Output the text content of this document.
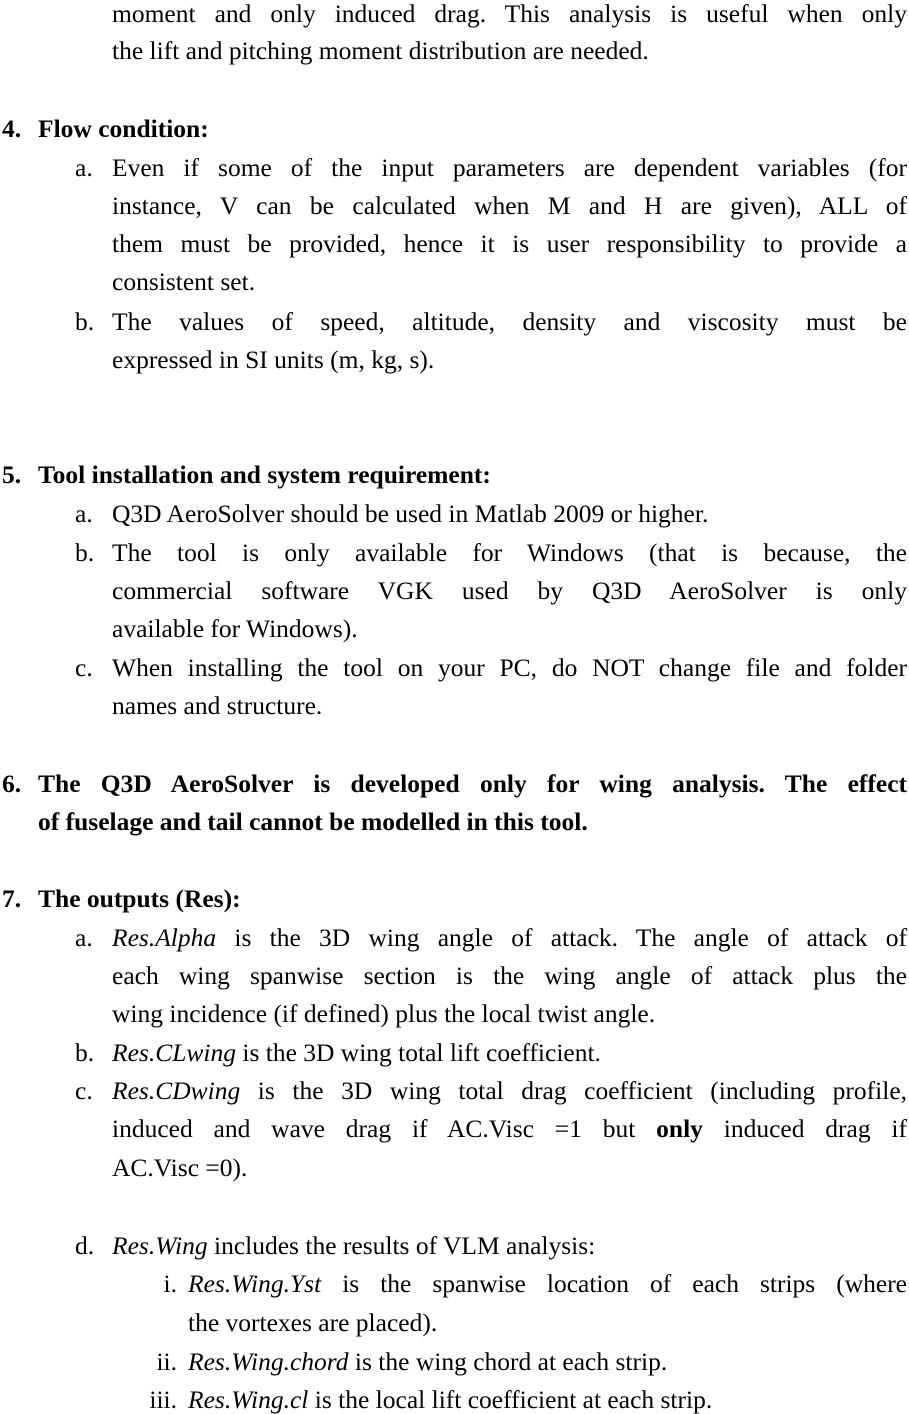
moment and only induced drag. This analysis is useful when only
the lift and pitching moment distribution are needed.
4. Flow condition:
a. Even if some of the input parameters are dependent variables (for
instance, V can be calculated when M and H are given), ALL of
them must be provided, hence it is user responsibility to provide a
consistent set.
b. The values of speed, altitude, density and viscosity must be
expressed in SI units (m, kg, s).
5. Tool installation and system requirement:
a. Q3D AeroSolver should be used in Matlab 2009 or higher.
b. The tool is only available for Windows (that is because, the
commercial software VGK used by Q3D AeroSolver is only
available for Windows).
c. When installing the tool on your PC, do NOT change file and folder
names and structure.
6. The Q3D AeroSolver is developed only for wing analysis. The effect
of fuselage and tail cannot be modelled in this tool.
7. The outputs (Res):
a. Res.Alpha is the 3D wing angle of attack. The angle of attack of
each wing spanwise section is the wing angle of attack plus the
wing incidence (if defined) plus the local twist angle.
b. Res.CLwing is the 3D wing total lift coefficient.
c. Res.CDwing is the 3D wing total drag coefficient (including profile,
induced and wave drag if AC.Visc =1 but only induced drag if
AC.Visc =0).
d. Res.Wing includes the results of VLM analysis:
i. Res.Wing.Yst is the spanwise location of each strips (where
the vortexes are placed).
ii. Res.Wing.chord is the wing chord at each strip.
iii. Res.Wing.cl is the local lift coefficient at each strip.
